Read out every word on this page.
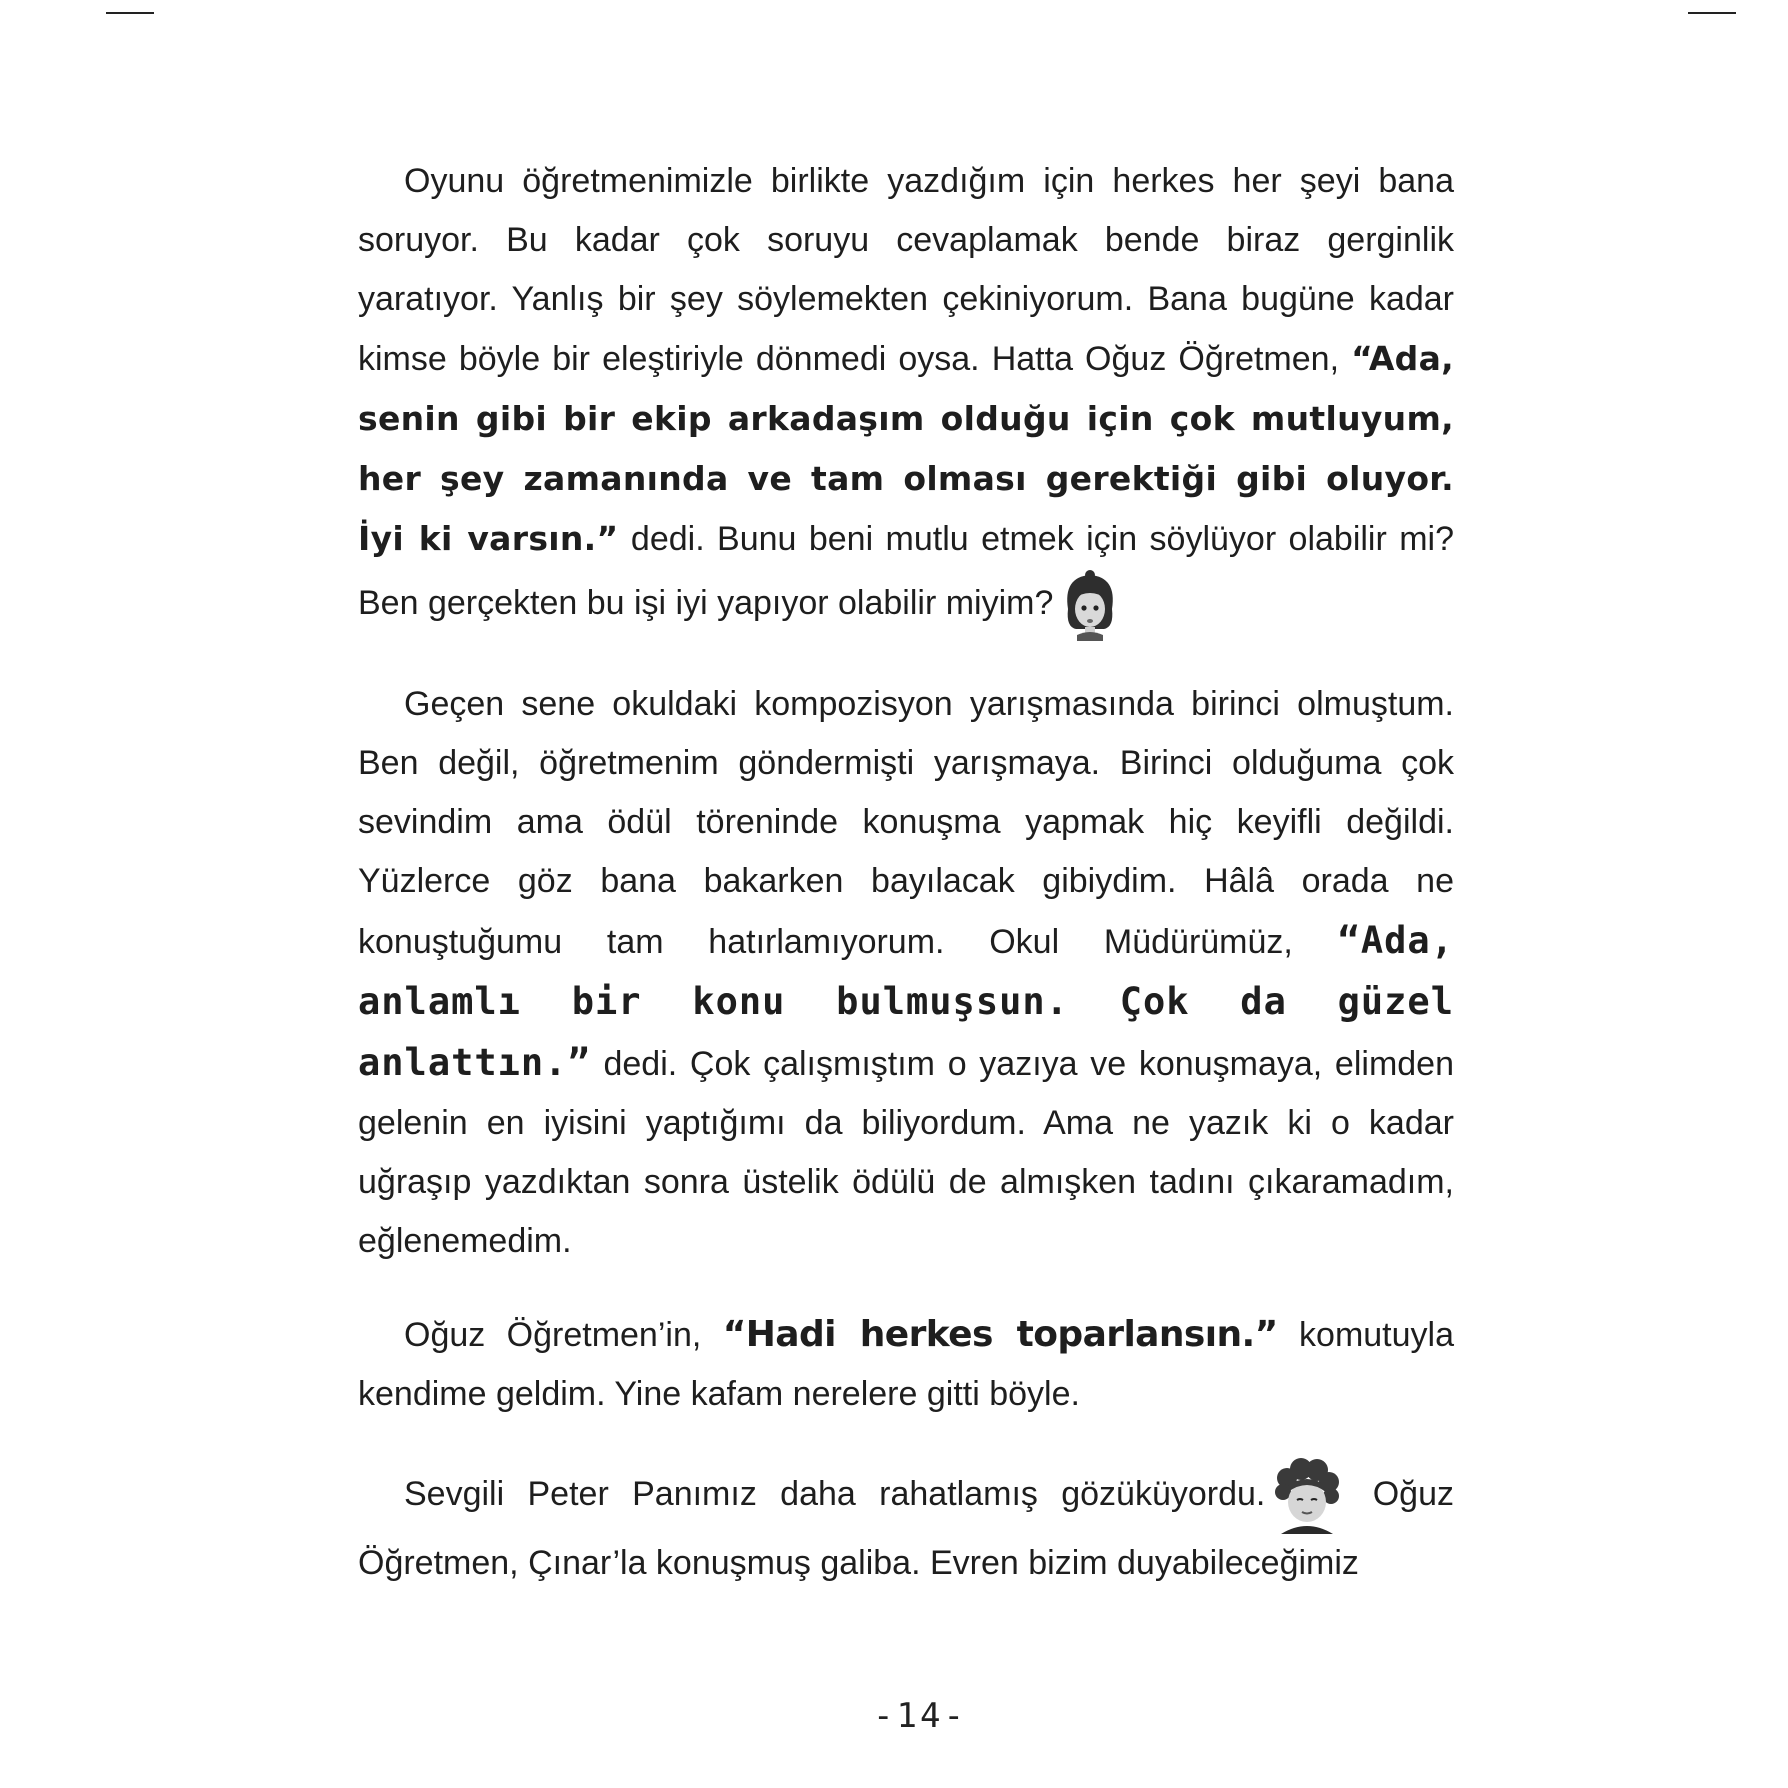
Oyunu öğretmenimizle birlikte yazdığım için herkes her şeyi bana soruyor. Bu kadar çok soruyu cevaplamak bende biraz gerginlik yaratıyor. Yanlış bir şey söylemekten çekiniyorum. Bana bugüne kadar kimse böyle bir eleştiriyle dönmedi oysa. Hatta Oğuz Öğretmen, “Ada, senin gibi bir ekip arkadaşım olduğu için çok mutluyum, her şey zamanında ve tam olması gerektiği gibi oluyor. İyi ki varsın.” dedi. Bunu beni mutlu etmek için söylüyor olabilir mi? Ben gerçekten bu işi iyi yapıyor olabilir miyim?

Geçen sene okuldaki kompozisyon yarışmasında birinci olmuştum. Ben değil, öğretmenim göndermişti yarışmaya. Birinci olduğuma çok sevindim ama ödül töreninde konuşma yapmak hiç keyifli değildi. Yüzlerce göz bana bakarken bayılacak gibiydim. Hâlâ orada ne konuştuğumu tam hatırlamıyorum. Okul Müdürümüz, “Ada, anlamlı bir konu bulmuşsun. Çok da güzel anlattın.” dedi. Çok çalışmıştım o yazıya ve konuşmaya, elimden gelenin en iyisini yaptığımı da biliyordum. Ama ne yazık ki o kadar uğraşıp yazdıktan sonra üstelik ödülü de almışken tadını çıkaramadım, eğlenemedim.

Oğuz Öğretmen’in, “Hadi herkes toparlansın.” komutuyla kendime geldim. Yine kafam nerelere gitti böyle.

Sevgili Peter Panımız daha rahatlamış gözüküyordu.
Oğuz Öğretmen, Çınar’la konuşmuş galiba. Evren bizim duyabileceğimiz

-14-
